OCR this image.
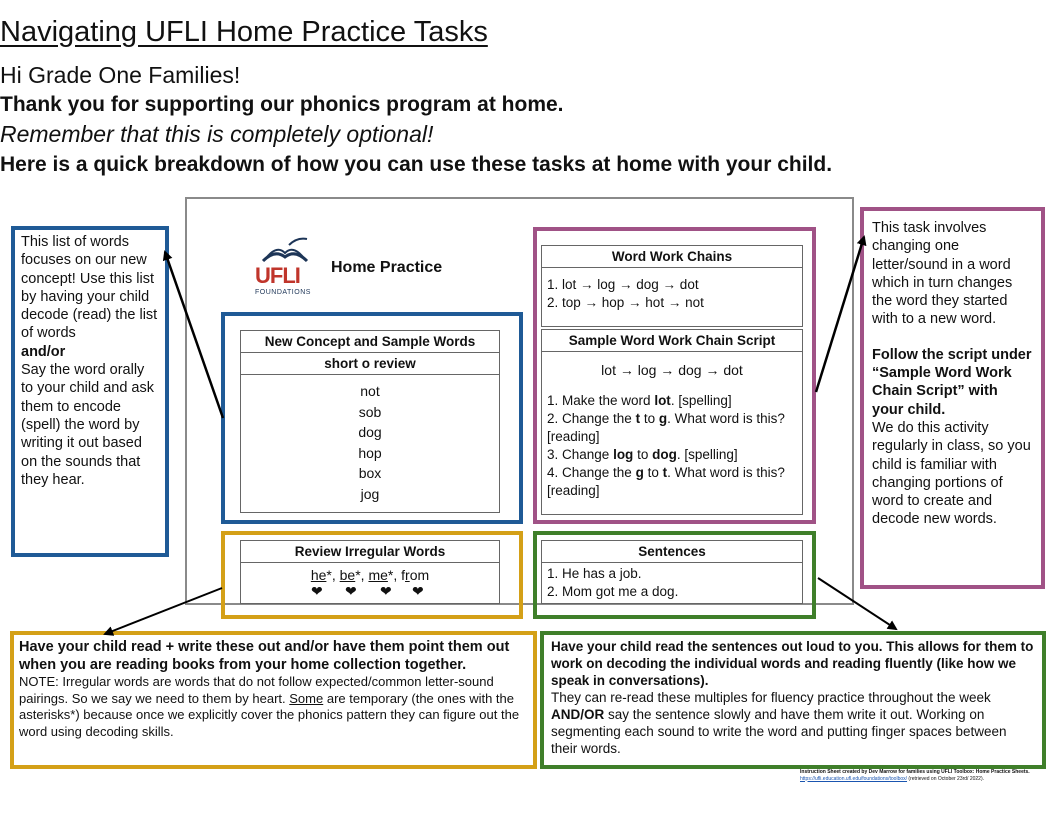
Navigating UFLI Home Practice Tasks
Hi Grade One Families!
Thank you for supporting our phonics program at home.
Remember that this is completely optional!
Here is a quick breakdown of how you can use these tasks at home with your child.
UFLI
FOUNDATIONS
Home Practice
New Concept and Sample Words
short o review
not
sob
dog
hop
box
jog
Word Work Chains
1. lot → log → dog → dot
2. top → hop → hot → not
Sample Word Work Chain Script
lot → log → dog → dot
1. Make the word lot. [spelling]
2. Change the t to g. What word is this? [reading]
3. Change log to dog. [spelling]
4. Change the g to t. What word is this? [reading]
Review Irregular Words
he*, be*, me*, from
❤ ❤ ❤ ❤
Sentences
1. He has a job.
2. Mom got me a dog.
This list of words focuses on our new concept! Use this list by having your child decode (read) the list of words
and/or
Say the word orally to your child and ask them to encode (spell) the word by writing it out based on the sounds that they hear.
This task involves changing one letter/sound in a word which in turn changes the word they started with to a new word.
Follow the script under “Sample Word Work Chain Script” with your child.
We do this activity regularly in class, so you child is familiar with changing portions of word to create and decode new words.
Have your child read + write these out and/or have them point them out when you are reading books from your home collection together.
NOTE: Irregular words are words that do not follow expected/common letter-sound pairings. So we say we need to them by heart. Some are temporary (the ones with the asterisks*) because once we explicitly cover the phonics pattern they can figure out the word using decoding skills.
Have your child read the sentences out loud to you. This allows for them to work on decoding the individual words and reading fluently (like how we speak in conversations).
They can re-read these multiples for fluency practice throughout the week AND/OR say the sentence slowly and have them write it out. Working on segmenting each sound to write the word and putting finger spaces between their words.
Instruction Sheet created by Dev Marrow for families using UFLI Toolbox: Home Practice Sheets.
https://ufli.education.ufl.edu/foundations/toolbox/ (retrieved on October 23rd/ 2022).
